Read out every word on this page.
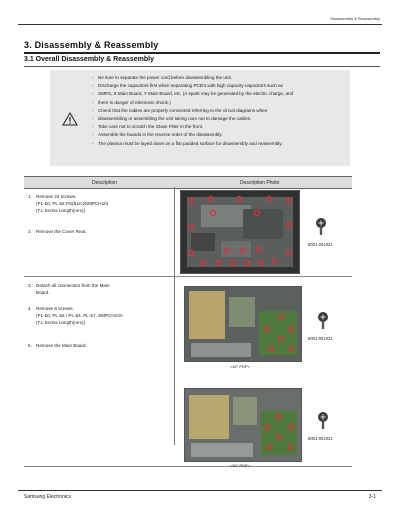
Disassembly & Reassembly
3. Disassembly & Reassembly
3.1 Overall Disassembly & Reassembly
- Be sure to separate the power cord before disassembling the unit.
- Discharge the capacitors first when separating PCB's with high capacity capacitors such as
- SMPS, X Main Board, Y Main Board, etc. (A spark may be generated by the electric charge, and
- there is danger of electronic shock.)
- Check that the cables are properly connected referring to the circuit diagrams when
- disassembling or assembling the unit taking care not to damage the cables.
- Take care not to scratch the Glass Filter in the front.
- Assemble the boards in the reverse order of the disassembly.
- The plasma must be layed down on a flat padded surface for disassembly and reassembly.
Description	Description Photo
1. Remove 24 screws.
(PL-50, PL-52,PS(BLK)/SMPCH10)
(T.L Screw Length(mm))
2. Remove the Cover Rear.
6001-201021
3. Detach all connectors from the Main
Board.
4. Remove 6 screws.
(PL-50, PL-52 / PL-54, PL-57, SMPCH10A
(T.L Screw Length(mm))
5. Remove the Main Board.
<42" PDP>
6001-001021
<50" PDP>
6001-001021
Samsung Electronics	3-1
